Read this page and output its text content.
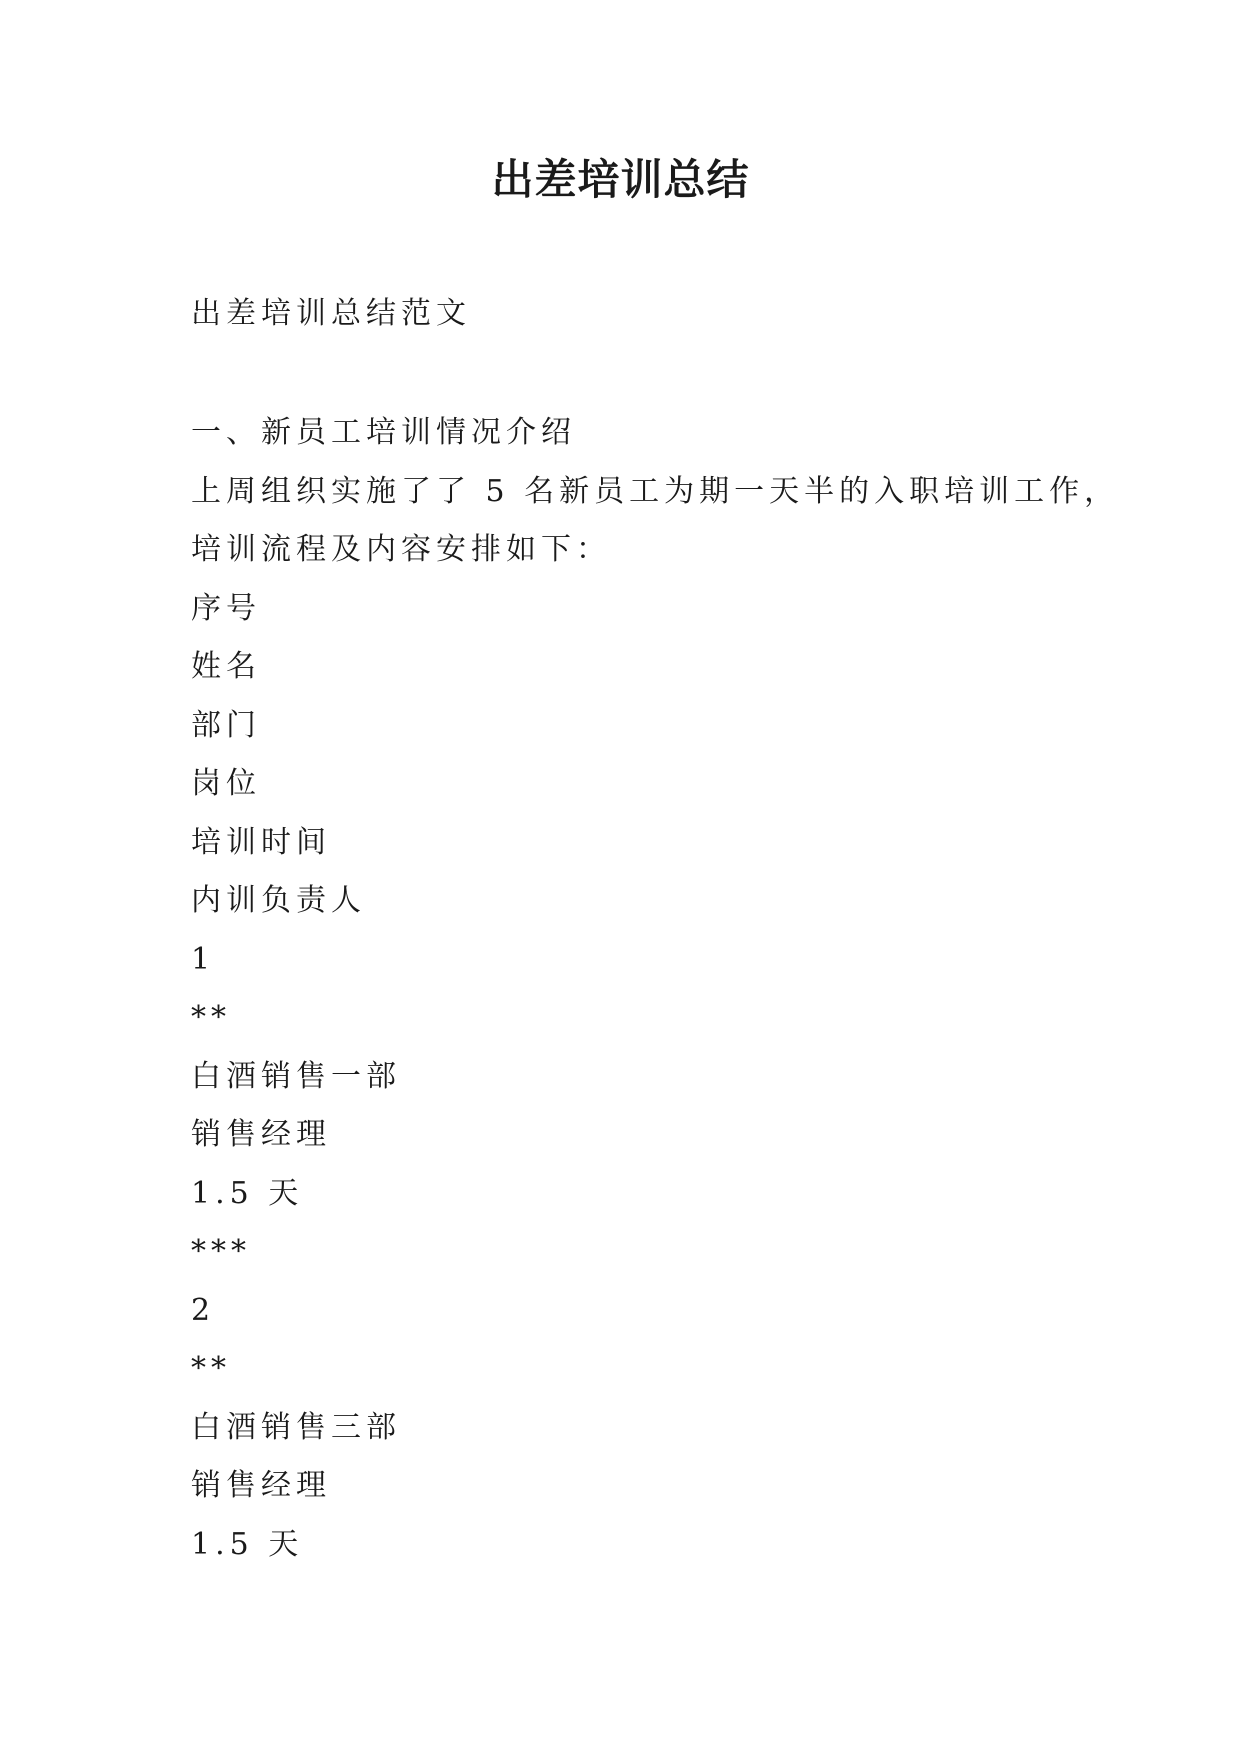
出差培训总结
出差培训总结范文
一、新员工培训情况介绍
上周组织实施了了 5 名新员工为期一天半的入职培训工作，
培训流程及内容安排如下：
序号
姓名
部门
岗位
培训时间
内训负责人
1
**
白酒销售一部
销售经理
1.5 天
***
2
**
白酒销售三部
销售经理
1.5 天
